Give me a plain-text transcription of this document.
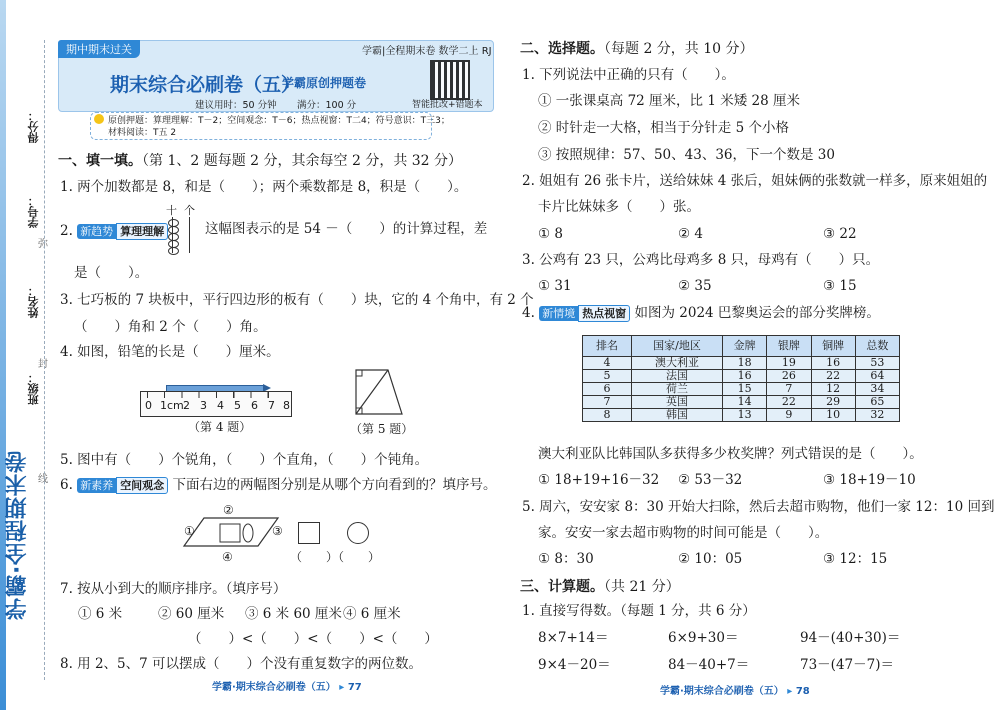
学霸·全程期末卷
得分：
学号：
姓名：
班级：
弥
封
线
期中期末过关	学霸|全程期末卷 数学二上 RJ
期末综合必刷卷（五）
学霸原创押题卷
建议用时：50 分钟 满分：100 分	智能批改+错题本
原创押题：算理理解：T－2；空间观念：T－6；热点视窗：T二4；符号意识：T三3；
材料阅读：T五 2
一、填一填。（第 1、2 题每题 2 分，其余每空 2 分，共 32 分）
1. 两个加数都是 8，和是（　　）；两个乘数都是 8，积是（　　）。
2. 新趋势 算理理解
十 个
这幅图表示的是 54 －（　　）的计算过程，差
是（　　）。
3. 七巧板的 7 块板中，平行四边形的板有（　　）块，它的 4 个角中，有 2 个
（　　）角和 2 个（　　）角。
4. 如图，铅笔的长是（　　）厘米。
0 1cm 2 3 4 5 6 7 8
（第 4 题）	（第 5 题）
5. 图中有（　　）个锐角，（　　）个直角，（　　）个钝角。
6. 新素养 空间观念 下面右边的两幅图分别是从哪个方向看到的？填序号。
②
①	③
④	（　　）（　　）
7. 按从小到大的顺序排序。（填序号）
① 6 米	② 60 厘米 ③ 6 米 60 厘米 ④ 6 厘米
（　　）<（　　）<（　　）<（　　）
8. 用 2、5、7 可以摆成（　　）个没有重复数字的两位数。
学霸·期末综合必刷卷（五） ▸ 77
二、选择题。（每题 2 分，共 10 分）
1. 下列说法中正确的只有（　　）。
① 一张课桌高 72 厘米，比 1 米矮 28 厘米
② 时针走一大格，相当于分针走 5 个小格
③ 按照规律：57、50、43、36，下一个数是 30
2. 姐姐有 26 张卡片，送给妹妹 4 张后，姐妹俩的张数就一样多，原来姐姐的
卡片比妹妹多（　　）张。
① 8	② 4	③ 22
3. 公鸡有 23 只，公鸡比母鸡多 8 只，母鸡有（　　）只。
① 31	② 35	③ 15
4. 新情境 热点视窗 如图为 2024 巴黎奥运会的部分奖牌榜。
排名	国家/地区	金牌	银牌	铜牌	总数
4	澳大利亚	18	19	16	53
5	法国	16	26	22	64
6	荷兰	15	7	12	34
7	英国	14	22	29	65
8	韩国	13	9	10	32
澳大利亚队比韩国队多获得多少枚奖牌？列式错误的是（　　）。
① 18+19+16－32 ② 53－32	③ 18+19－10
5. 周六，安安家 8：30 开始大扫除，然后去超市购物，他们一家 12：10 回到
家。安安一家去超市购物的时间可能是（　　）。
① 8：30	② 10：05	③ 12：15
三、计算题。（共 21 分）
1. 直接写得数。（每题 1 分，共 6 分）
8×7+14＝	6×9+30＝	94－(40+30)＝
9×4－20＝	84－40+7＝	73－(47－7)＝
学霸·期末综合必刷卷（五） ▸ 78
